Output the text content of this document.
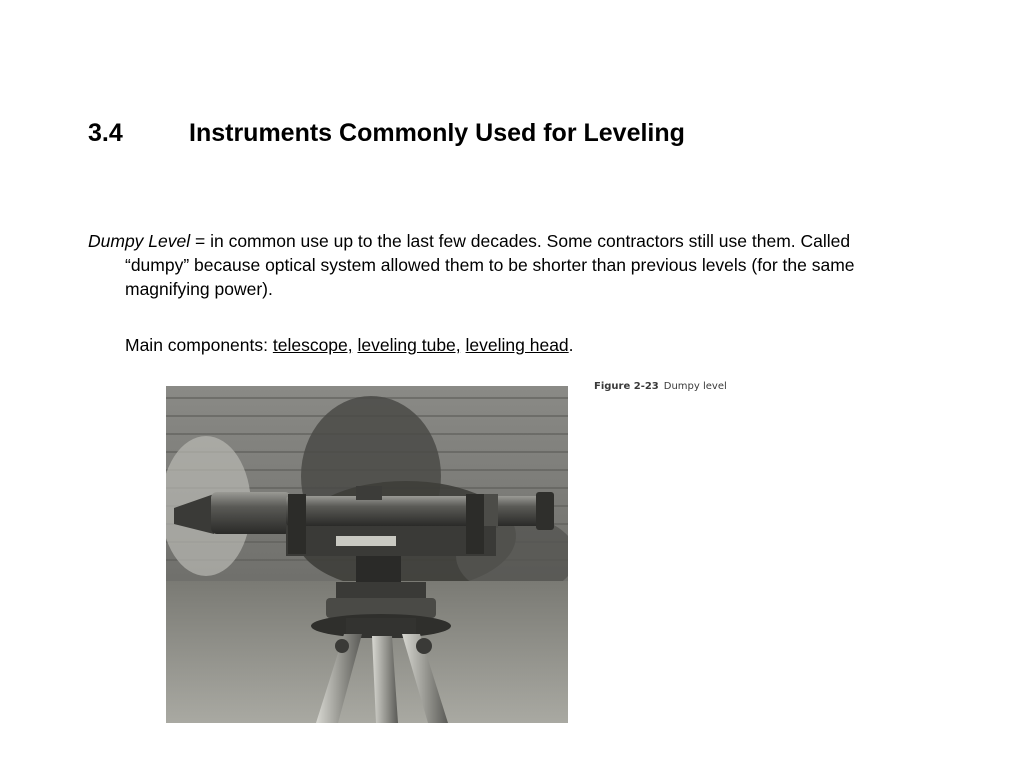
3.4	Instruments Commonly Used for Leveling
Dumpy Level = in common use up to the last few decades. Some contractors still use them. Called “dumpy” because optical system allowed them to be shorter than previous levels (for the same magnifying power).
Main components: telescope, leveling tube, leveling head.
Figure 2-23 Dumpy level
